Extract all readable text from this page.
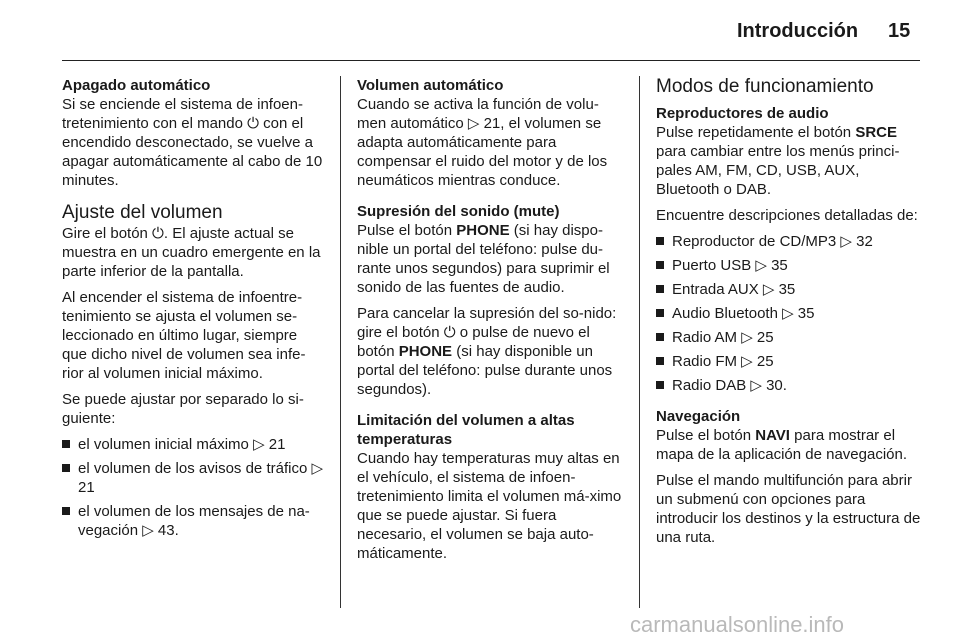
Introducción 15

Apagado automático
Si se enciende el sistema de infoen-tretenimiento con el mando ⏻ con el encendido desconectado, se vuelve a apagar automáticamente al cabo de 10 minutes.

Ajuste del volumen

Gire el botón ⏻. El ajuste actual se muestra en un cuadro emergente en la parte inferior de la pantalla.

Al encender el sistema de infoentre-tenimiento se ajusta el volumen se-leccionado en último lugar, siempre que dicho nivel de volumen sea infe-rior al volumen inicial máximo.

Se puede ajustar por separado lo si-guiente:

el volumen inicial máximo ▷ 21
el volumen de los avisos de tráfico ▷ 21
el volumen de los mensajes de na-vegación ▷ 43.

Volumen automático
Cuando se activa la función de volu-men automático ▷ 21, el volumen se adapta automáticamente para compensar el ruido del motor y de los neumáticos mientras conduce.

Supresión del sonido (mute)
Pulse el botón PHONE (si hay dispo-nible un portal del teléfono: pulse du-rante unos segundos) para suprimir el sonido de las fuentes de audio.

Para cancelar la supresión del so-nido: gire el botón ⏻ o pulse de nuevo el botón PHONE (si hay disponible un portal del teléfono: pulse durante unos segundos).

Limitación del volumen a altas temperaturas
Cuando hay temperaturas muy altas en el vehículo, el sistema de infoen-tretenimiento limita el volumen má-ximo que se puede ajustar. Si fuera necesario, el volumen se baja auto-máticamente.

Modos de funcionamiento

Reproductores de audio
Pulse repetidamente el botón SRCE para cambiar entre los menús princi-pales AM, FM, CD, USB, AUX, Bluetooth o DAB.

Encuentre descripciones detalladas de:

Reproductor de CD/MP3 ▷ 32
Puerto USB ▷ 35
Entrada AUX ▷ 35
Audio Bluetooth ▷ 35
Radio AM ▷ 25
Radio FM ▷ 25
Radio DAB ▷ 30.

Navegación
Pulse el botón NAVI para mostrar el mapa de la aplicación de navegación.

Pulse el mando multifunción para abrir un submenú con opciones para introducir los destinos y la estructura de una ruta.

carmanualsonline.info
